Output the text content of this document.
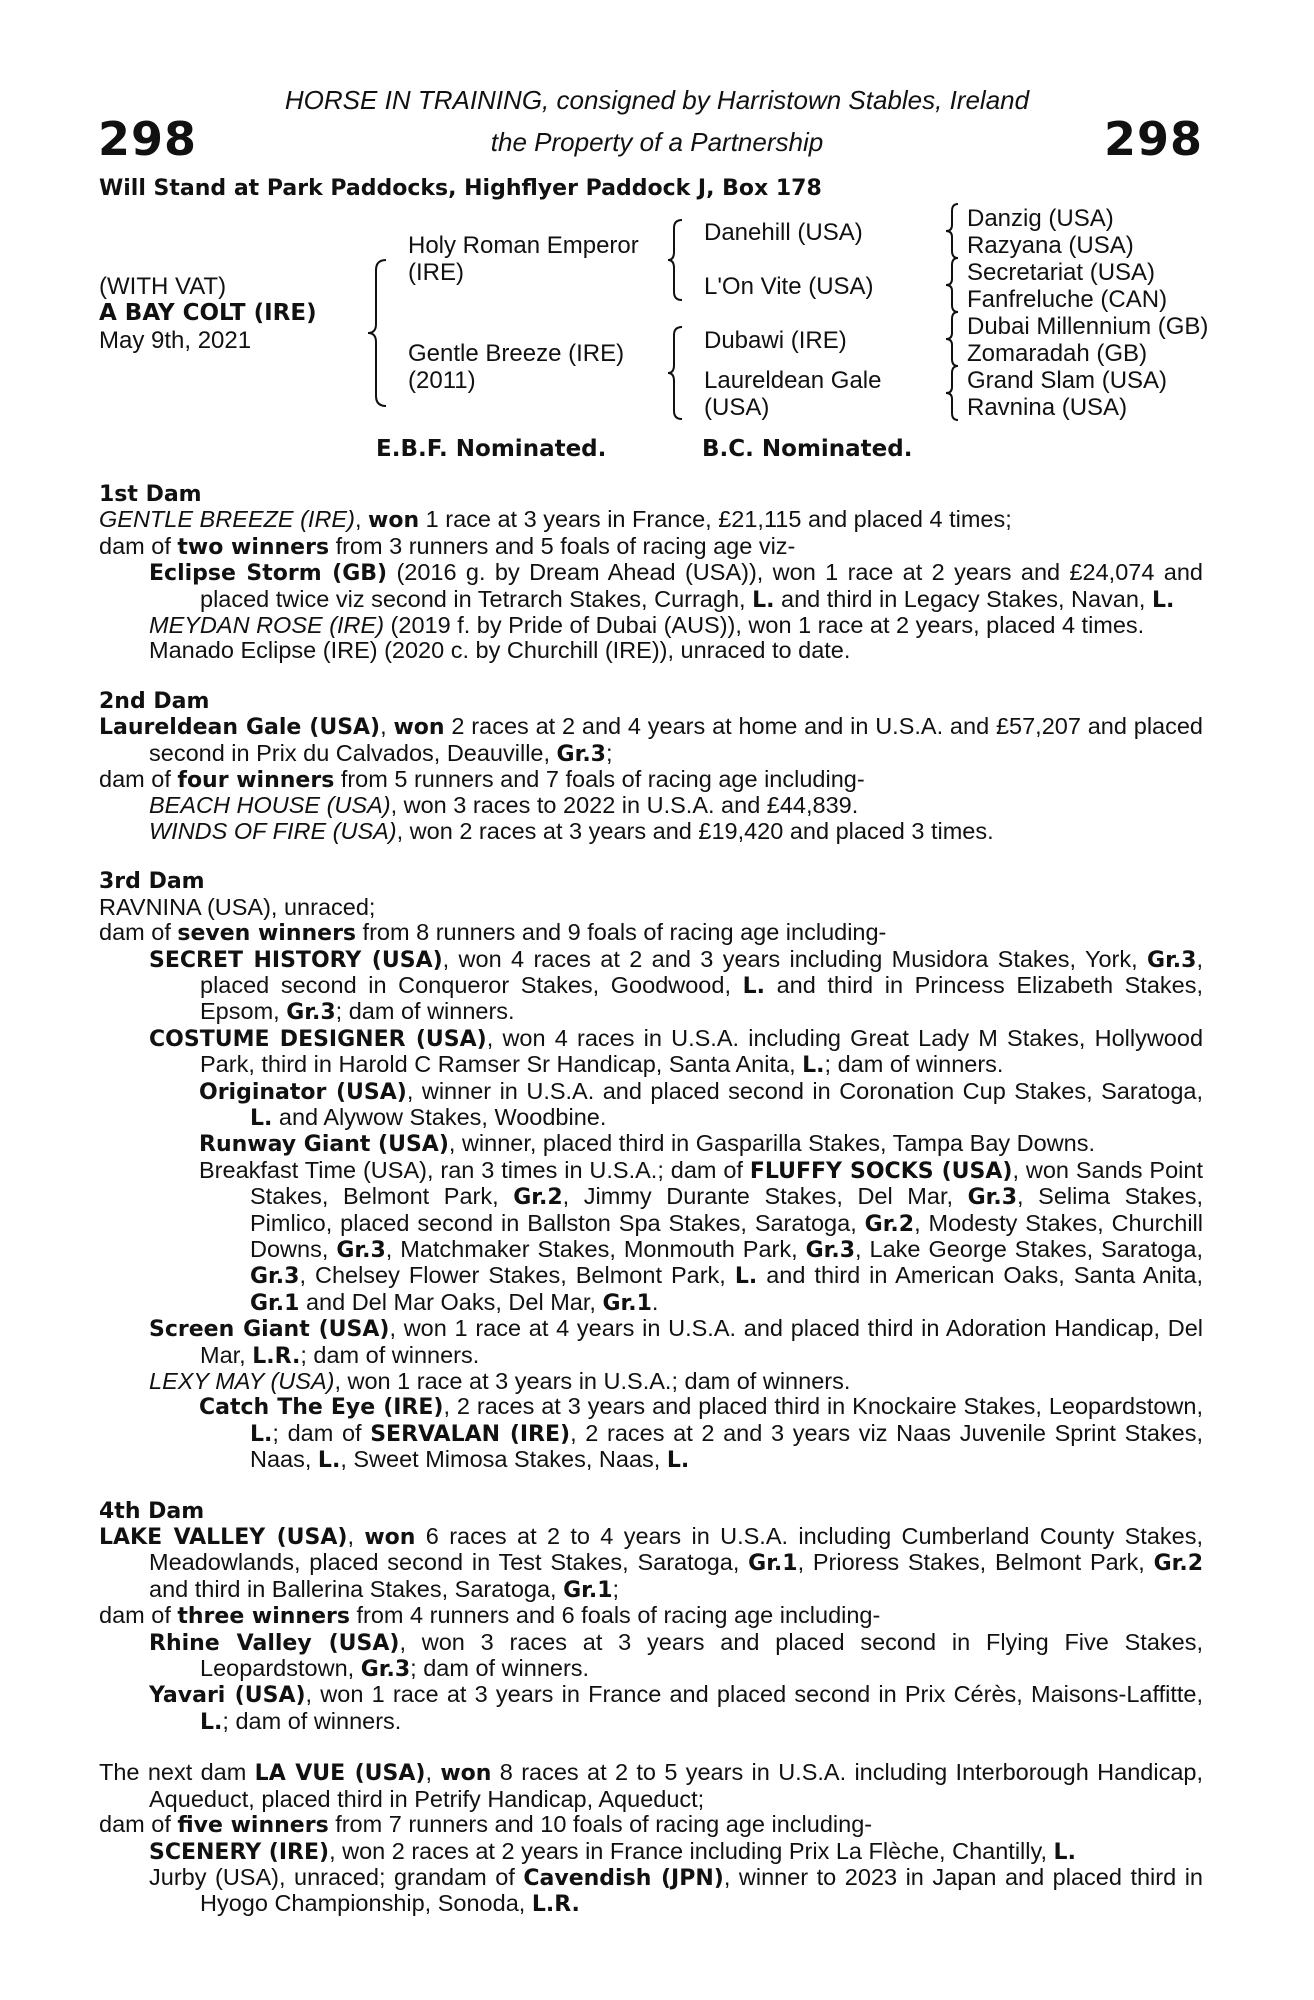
298	298
HORSE IN TRAINING, consigned by Harristown Stables, Ireland
the Property of a Partnership
Will Stand at Park Paddocks, Highflyer Paddock J, Box 178
(WITH VAT)
A BAY COLT (IRE)
May 9th, 2021
Holy Roman Emperor
(IRE)
Gentle Breeze (IRE)
(2011)
Danehill (USA)
L'On Vite (USA)
Dubawi (IRE)
Laureldean Gale
(USA)
Danzig (USA)
Razyana (USA)
Secretariat (USA)
Fanfreluche (CAN)
Dubai Millennium (GB)
Zomaradah (GB)
Grand Slam (USA)
Ravnina (USA)
E.B.F. Nominated.	B.C. Nominated.
1st Dam
GENTLE BREEZE (IRE), won 1 race at 3 years in France, £21,115 and placed 4 times;
dam of two winners from 3 runners and 5 foals of racing age viz-
Eclipse Storm (GB) (2016 g. by Dream Ahead (USA)), won 1 race at 2 years and £24,074 and placed twice viz second in Tetrarch Stakes, Curragh, L. and third in Legacy Stakes, Navan, L.
MEYDAN ROSE (IRE) (2019 f. by Pride of Dubai (AUS)), won 1 race at 2 years, placed 4 times.
Manado Eclipse (IRE) (2020 c. by Churchill (IRE)), unraced to date.
2nd Dam
Laureldean Gale (USA), won 2 races at 2 and 4 years at home and in U.S.A. and £57,207 and placed second in Prix du Calvados, Deauville, Gr.3;
dam of four winners from 5 runners and 7 foals of racing age including-
BEACH HOUSE (USA), won 3 races to 2022 in U.S.A. and £44,839.
WINDS OF FIRE (USA), won 2 races at 3 years and £19,420 and placed 3 times.
3rd Dam
RAVNINA (USA), unraced;
dam of seven winners from 8 runners and 9 foals of racing age including-
SECRET HISTORY (USA), won 4 races at 2 and 3 years including Musidora Stakes, York, Gr.3, placed second in Conqueror Stakes, Goodwood, L. and third in Princess Elizabeth Stakes, Epsom, Gr.3; dam of winners.
COSTUME DESIGNER (USA), won 4 races in U.S.A. including Great Lady M Stakes, Hollywood Park, third in Harold C Ramser Sr Handicap, Santa Anita, L.; dam of winners.
Originator (USA), winner in U.S.A. and placed second in Coronation Cup Stakes, Saratoga, L. and Alywow Stakes, Woodbine.
Runway Giant (USA), winner, placed third in Gasparilla Stakes, Tampa Bay Downs.
Breakfast Time (USA), ran 3 times in U.S.A.; dam of FLUFFY SOCKS (USA), won Sands Point Stakes, Belmont Park, Gr.2, Jimmy Durante Stakes, Del Mar, Gr.3, Selima Stakes, Pimlico, placed second in Ballston Spa Stakes, Saratoga, Gr.2, Modesty Stakes, Churchill Downs, Gr.3, Matchmaker Stakes, Monmouth Park, Gr.3, Lake George Stakes, Saratoga, Gr.3, Chelsey Flower Stakes, Belmont Park, L. and third in American Oaks, Santa Anita, Gr.1 and Del Mar Oaks, Del Mar, Gr.1.
Screen Giant (USA), won 1 race at 4 years in U.S.A. and placed third in Adoration Handicap, Del Mar, L.R.; dam of winners.
LEXY MAY (USA), won 1 race at 3 years in U.S.A.; dam of winners.
Catch The Eye (IRE), 2 races at 3 years and placed third in Knockaire Stakes, Leopardstown, L.; dam of SERVALAN (IRE), 2 races at 2 and 3 years viz Naas Juvenile Sprint Stakes, Naas, L., Sweet Mimosa Stakes, Naas, L.
4th Dam
LAKE VALLEY (USA), won 6 races at 2 to 4 years in U.S.A. including Cumberland County Stakes, Meadowlands, placed second in Test Stakes, Saratoga, Gr.1, Prioress Stakes, Belmont Park, Gr.2 and third in Ballerina Stakes, Saratoga, Gr.1;
dam of three winners from 4 runners and 6 foals of racing age including-
Rhine Valley (USA), won 3 races at 3 years and placed second in Flying Five Stakes, Leopardstown, Gr.3; dam of winners.
Yavari (USA), won 1 race at 3 years in France and placed second in Prix Cérès, Maisons-Laffitte, L.; dam of winners.
The next dam LA VUE (USA), won 8 races at 2 to 5 years in U.S.A. including Interborough Handicap, Aqueduct, placed third in Petrify Handicap, Aqueduct;
dam of five winners from 7 runners and 10 foals of racing age including-
SCENERY (IRE), won 2 races at 2 years in France including Prix La Flèche, Chantilly, L.
Jurby (USA), unraced; grandam of Cavendish (JPN), winner to 2023 in Japan and placed third in Hyogo Championship, Sonoda, L.R.
